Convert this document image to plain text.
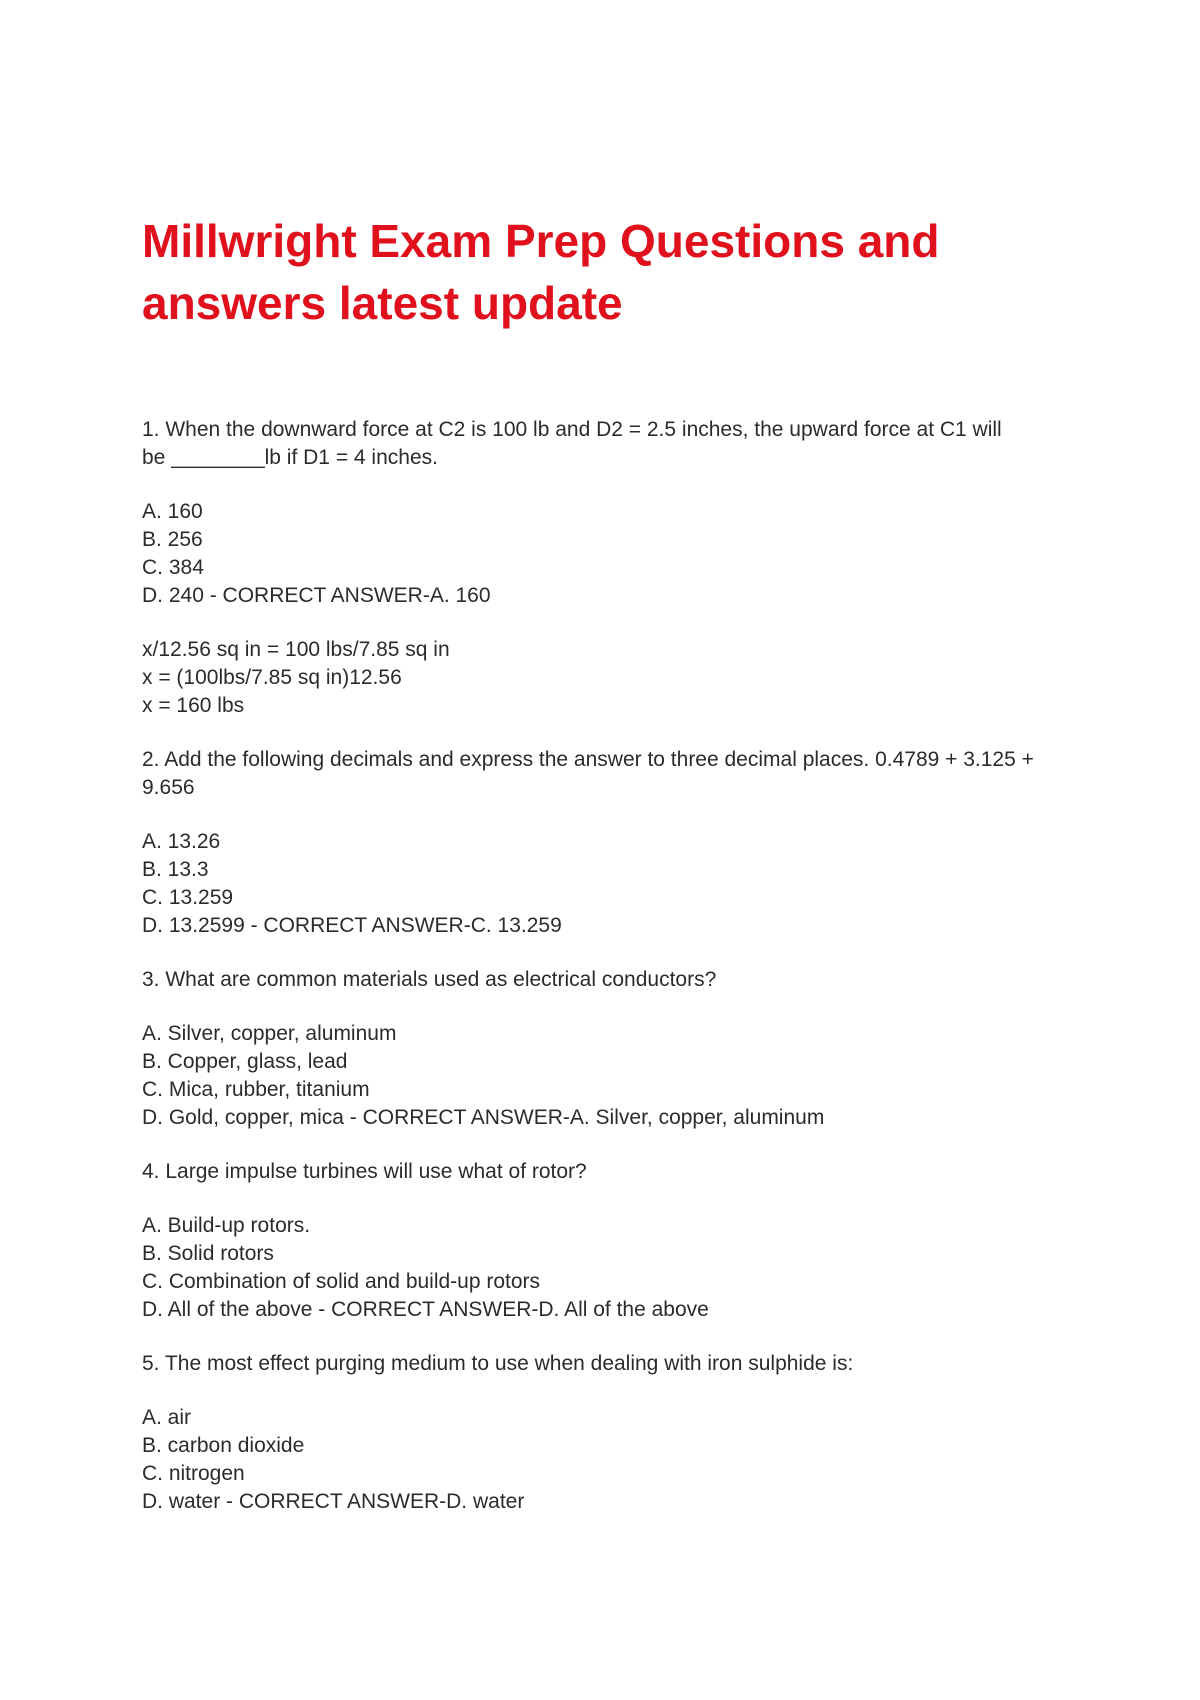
Millwright Exam Prep Questions and
answers latest update
1. When the downward force at C2 is 100 lb and D2 = 2.5 inches, the upward force at C1 will
be ________lb if D1 = 4 inches.
A. 160
B. 256
C. 384
D. 240 - CORRECT ANSWER-A. 160
x/12.56 sq in = 100 lbs/7.85 sq in
x = (100lbs/7.85 sq in)12.56
x = 160 lbs
2. Add the following decimals and express the answer to three decimal places. 0.4789 + 3.125 +
9.656
A. 13.26
B. 13.3
C. 13.259
D. 13.2599 - CORRECT ANSWER-C. 13.259
3. What are common materials used as electrical conductors?
A. Silver, copper, aluminum
B. Copper, glass, lead
C. Mica, rubber, titanium
D. Gold, copper, mica - CORRECT ANSWER-A. Silver, copper, aluminum
4. Large impulse turbines will use what of rotor?
A. Build-up rotors.
B. Solid rotors
C. Combination of solid and build-up rotors
D. All of the above - CORRECT ANSWER-D. All of the above
5. The most effect purging medium to use when dealing with iron sulphide is:
A. air
B. carbon dioxide
C. nitrogen
D. water - CORRECT ANSWER-D. water
